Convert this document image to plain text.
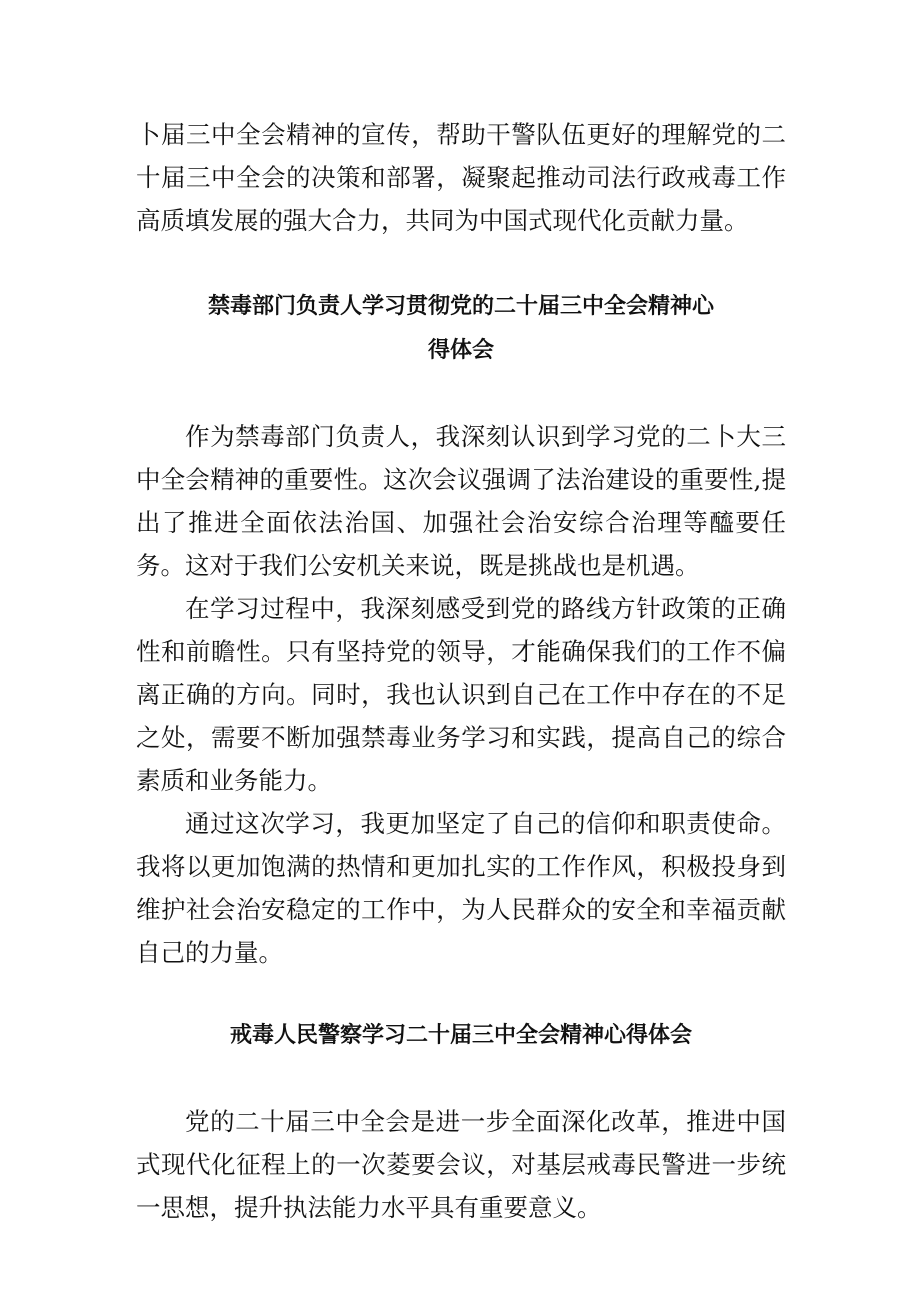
卜届三中全会精神的宣传，帮助干警队伍更好的理解党的二十届三中全会的决策和部署，凝聚起推动司法行政戒毒工作高质填发展的强大合力，共同为中国式现代化贡献力量。

禁毒部门负责人学习贯彻党的二十届三中全会精神心
得体会

作为禁毒部门负责人，我深刻认识到学习党的二卜大三中全会精神的重要性。这次会议强调了法治建设的重要性,提出了推进全面依法治国、加强社会治安综合治理等醯要任务。这对于我们公安机关来说，既是挑战也是机遇。

在学习过程中，我深刻感受到党的路线方针政策的正确性和前瞻性。只有坚持党的领导，才能确保我们的工作不偏离正确的方向。同时，我也认识到自己在工作中存在的不足之处，需要不断加强禁毒业务学习和实践，提高自己的综合素质和业务能力。

通过这次学习，我更加坚定了自己的信仰和职责使命。我将以更加饱满的热情和更加扎实的工作作风，积极投身到维护社会治安稳定的工作中，为人民群众的安全和幸福贡献自己的力量。

戒毒人民警察学习二十届三中全会精神心得体会

党的二十届三中全会是进一步全面深化改革，推进中国式现代化征程上的一次菱要会议，对基层戒毒民警进一步统一思想，提升执法能力水平具有重要意义。
